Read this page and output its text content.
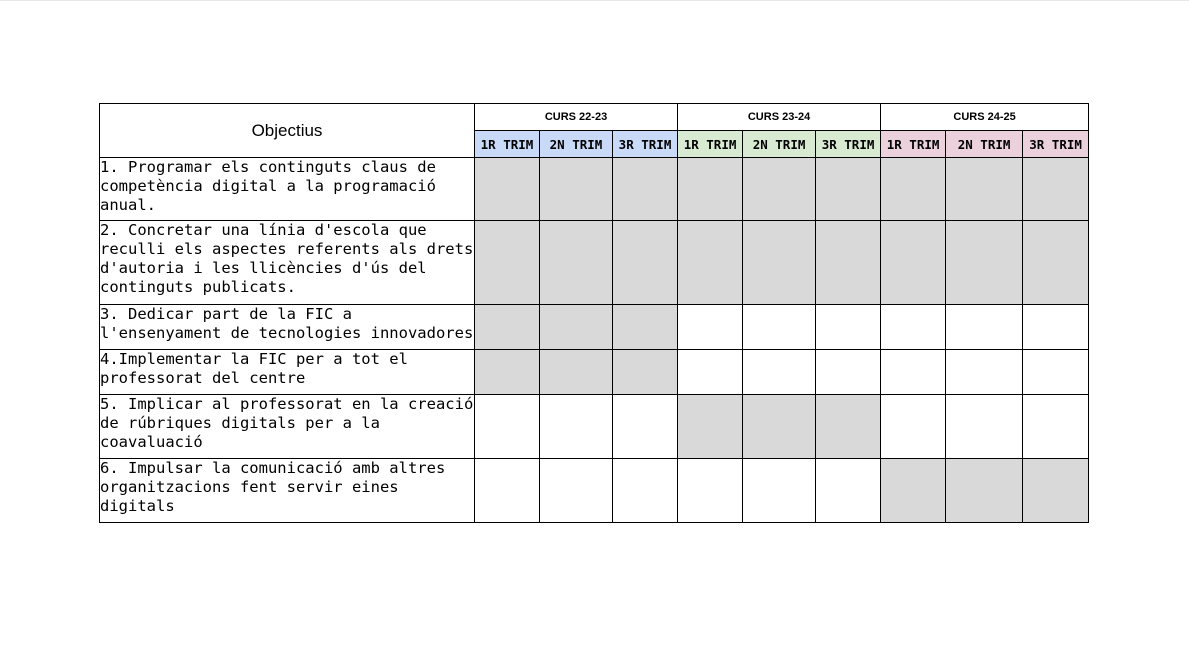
Objectius	CURS 22-23			CURS 23-24			CURS 24-25		
	1R TRIM	2N TRIM	3R TRIM	1R TRIM	2N TRIM	3R TRIM	1R TRIM	2N TRIM	3R TRIM

1. Programar els continguts claus de
competència digital a la programació
anual.									

2. Concretar una línia d'escola que
reculli els aspectes referents als drets
d'autoria i les llicències d'ús del
continguts publicats.									

3. Dedicar part de la FIC a
l'ensenyament de tecnologies innovadores									

4.Implementar la FIC per a tot el
professorat del centre									

5. Implicar al professorat en la creació
de rúbriques digitals per a la
coavaluació									

6. Impulsar la comunicació amb altres
organitzacions fent servir eines
digitals									
